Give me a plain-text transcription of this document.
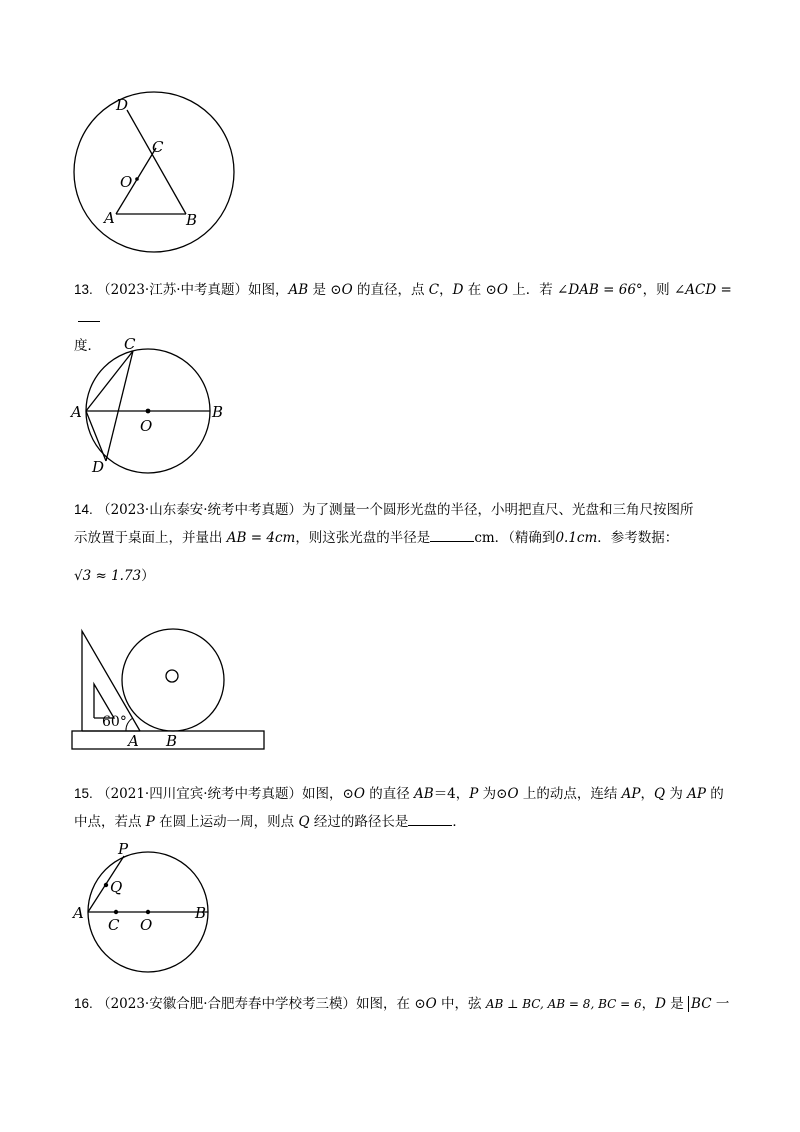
D
C
O
A	B
13. （2023·江苏·中考真题）如图，AB 是 ⊙O 的直径，点 C，D 在 ⊙O 上．若 ∠DAB = 66°，则 ∠ACD =
度．	C
A
O
B
D
14. （2023·山东泰安·统考中考真题）为了测量一个圆形光盘的半径，小明把直尺、光盘和三角尺按图所
示放置于桌面上，并量出 AB = 4cm，则这张光盘的半径是	cm．（精确到0.1cm．参考数据：
√3 ≈ 1.73）
60°
A B
15. （2021·四川宜宾·统考中考真题）如图，⊙O 的直径 AB＝4，P 为⊙O 上的动点，连结 AP，Q 为 AP 的
中点，若点 P 在圆上运动一周，则点 Q 经过的路径长是	．
P
Q
A
C O
B
16. （2023·安徽合肥·合肥寿春中学校考三模）如图，在 ⊙O 中，弦 AB ⊥ BC, AB = 8, BC = 6，D 是 BC 一
